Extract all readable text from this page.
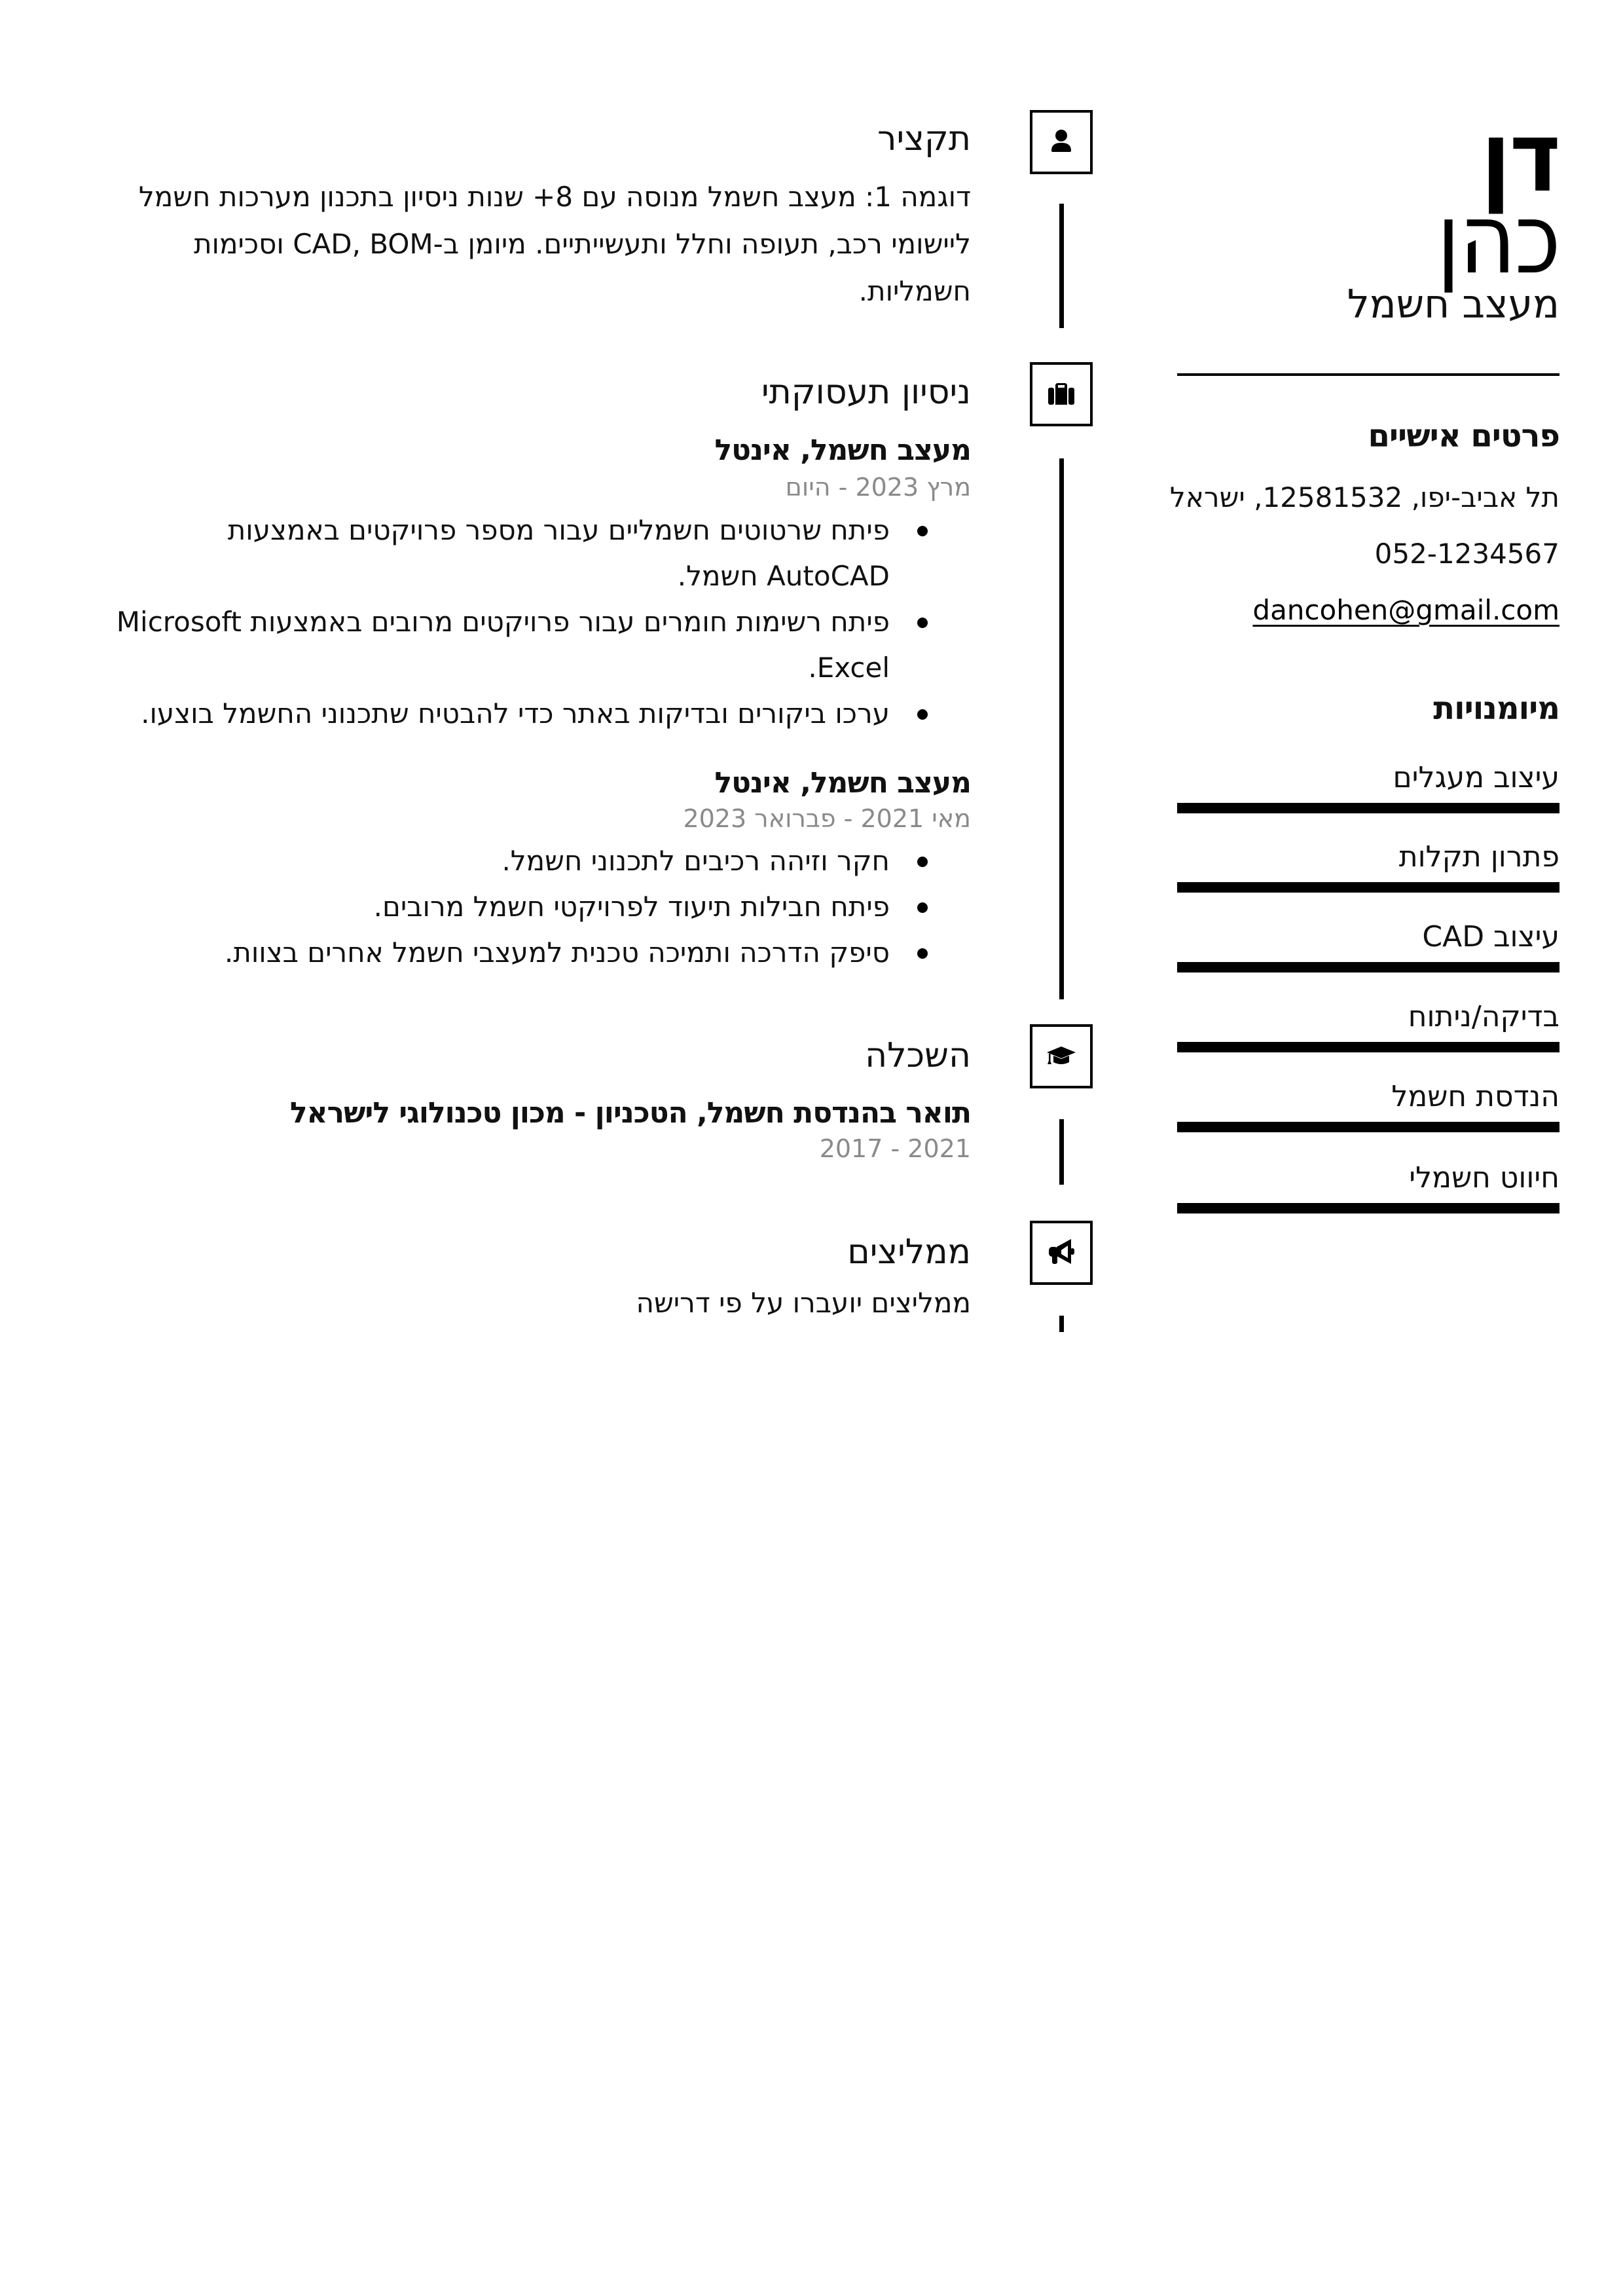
דן
כהן
מעצב חשמל
פרטים אישיים
תל אביב-יפו, 12581532, ישראל
052-1234567
dancohen@gmail.com
מיומנויות
עיצוב מעגלים
פתרון תקלות
עיצוב CAD
בדיקה/ניתוח
הנדסת חשמל
חיווט חשמלי
תקציר
דוגמה 1: מעצב חשמל מנוסה עם 8+ שנות ניסיון בתכנון מערכות חשמל ליישומי רכב, תעופה וחלל ותעשייתיים. מיומן ב-CAD, BOM וסכימות חשמליות.
ניסיון תעסוקתי
מעצב חשמל, אינטל
מרץ 2023 - היום
פיתח שרטוטים חשמליים עבור מספר פרויקטים באמצעות AutoCAD חשמל.
פיתח רשימות חומרים עבור פרויקטים מרובים באמצעות Microsoft Excel.
ערכו ביקורים ובדיקות באתר כדי להבטיח שתכנוני החשמל בוצעו.
מעצב חשמל, אינטל
מאי 2021 - פברואר 2023
חקר וזיהה רכיבים לתכנוני חשמל.
פיתח חבילות תיעוד לפרויקטי חשמל מרובים.
סיפק הדרכה ותמיכה טכנית למעצבי חשמל אחרים בצוות.
השכלה
תואר בהנדסת חשמל, הטכניון - מכון טכנולוגי לישראל
2017 - 2021
ממליצים
ממליצים יועברו על פי דרישה
